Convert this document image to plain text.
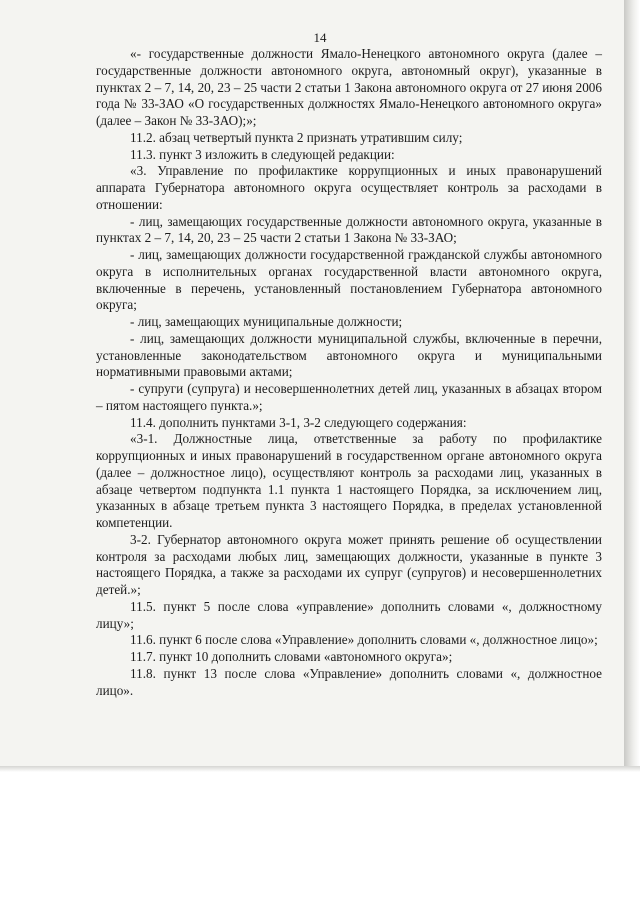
14

«- государственные должности Ямало-Ненецкого автономного округа (далее – государственные должности автономного округа, автономный округ), указанные в пунктах 2 – 7, 14, 20, 23 – 25 части 2 статьи 1 Закона автономного округа от 27 июня 2006 года № 33-ЗАО «О государственных должностях Ямало-Ненецкого автономного округа» (далее – Закон № 33-ЗАО);»;

11.2. абзац четвертый пункта 2 признать утратившим силу;

11.3. пункт 3 изложить в следующей редакции:

«3. Управление по профилактике коррупционных и иных правонарушений аппарата Губернатора автономного округа осуществляет контроль за расходами в отношении:

- лиц, замещающих государственные должности автономного округа, указанные в пунктах 2 – 7, 14, 20, 23 – 25 части 2 статьи 1 Закона № 33-ЗАО;

- лиц, замещающих должности государственной гражданской службы автономного округа в исполнительных органах государственной власти автономного округа, включенные в перечень, установленный постановлением Губернатора автономного округа;

- лиц, замещающих муниципальные должности;

- лиц, замещающих должности муниципальной службы, включенные в перечни, установленные законодательством автономного округа и муниципальными нормативными правовыми актами;

- супруги (супруга) и несовершеннолетних детей лиц, указанных в абзацах втором – пятом настоящего пункта.»;

11.4. дополнить пунктами 3-1, 3-2 следующего содержания:

«3-1. Должностные лица, ответственные за работу по профилактике коррупционных и иных правонарушений в государственном органе автономного округа (далее – должностное лицо), осуществляют контроль за расходами лиц, указанных в абзаце четвертом подпункта 1.1 пункта 1 настоящего Порядка, за исключением лиц, указанных в абзаце третьем пункта 3 настоящего Порядка, в пределах установленной компетенции.

3-2. Губернатор автономного округа может принять решение об осуществлении контроля за расходами любых лиц, замещающих должности, указанные в пункте 3 настоящего Порядка, а также за расходами их супруг (супругов) и несовершеннолетних детей.»;

11.5. пункт 5 после слова «управление» дополнить словами «, должностному лицу»;

11.6. пункт 6 после слова «Управление» дополнить словами «, должностное лицо»;

11.7. пункт 10 дополнить словами «автономного округа»;

11.8. пункт 13 после слова «Управление» дополнить словами «, должностное лицо».
